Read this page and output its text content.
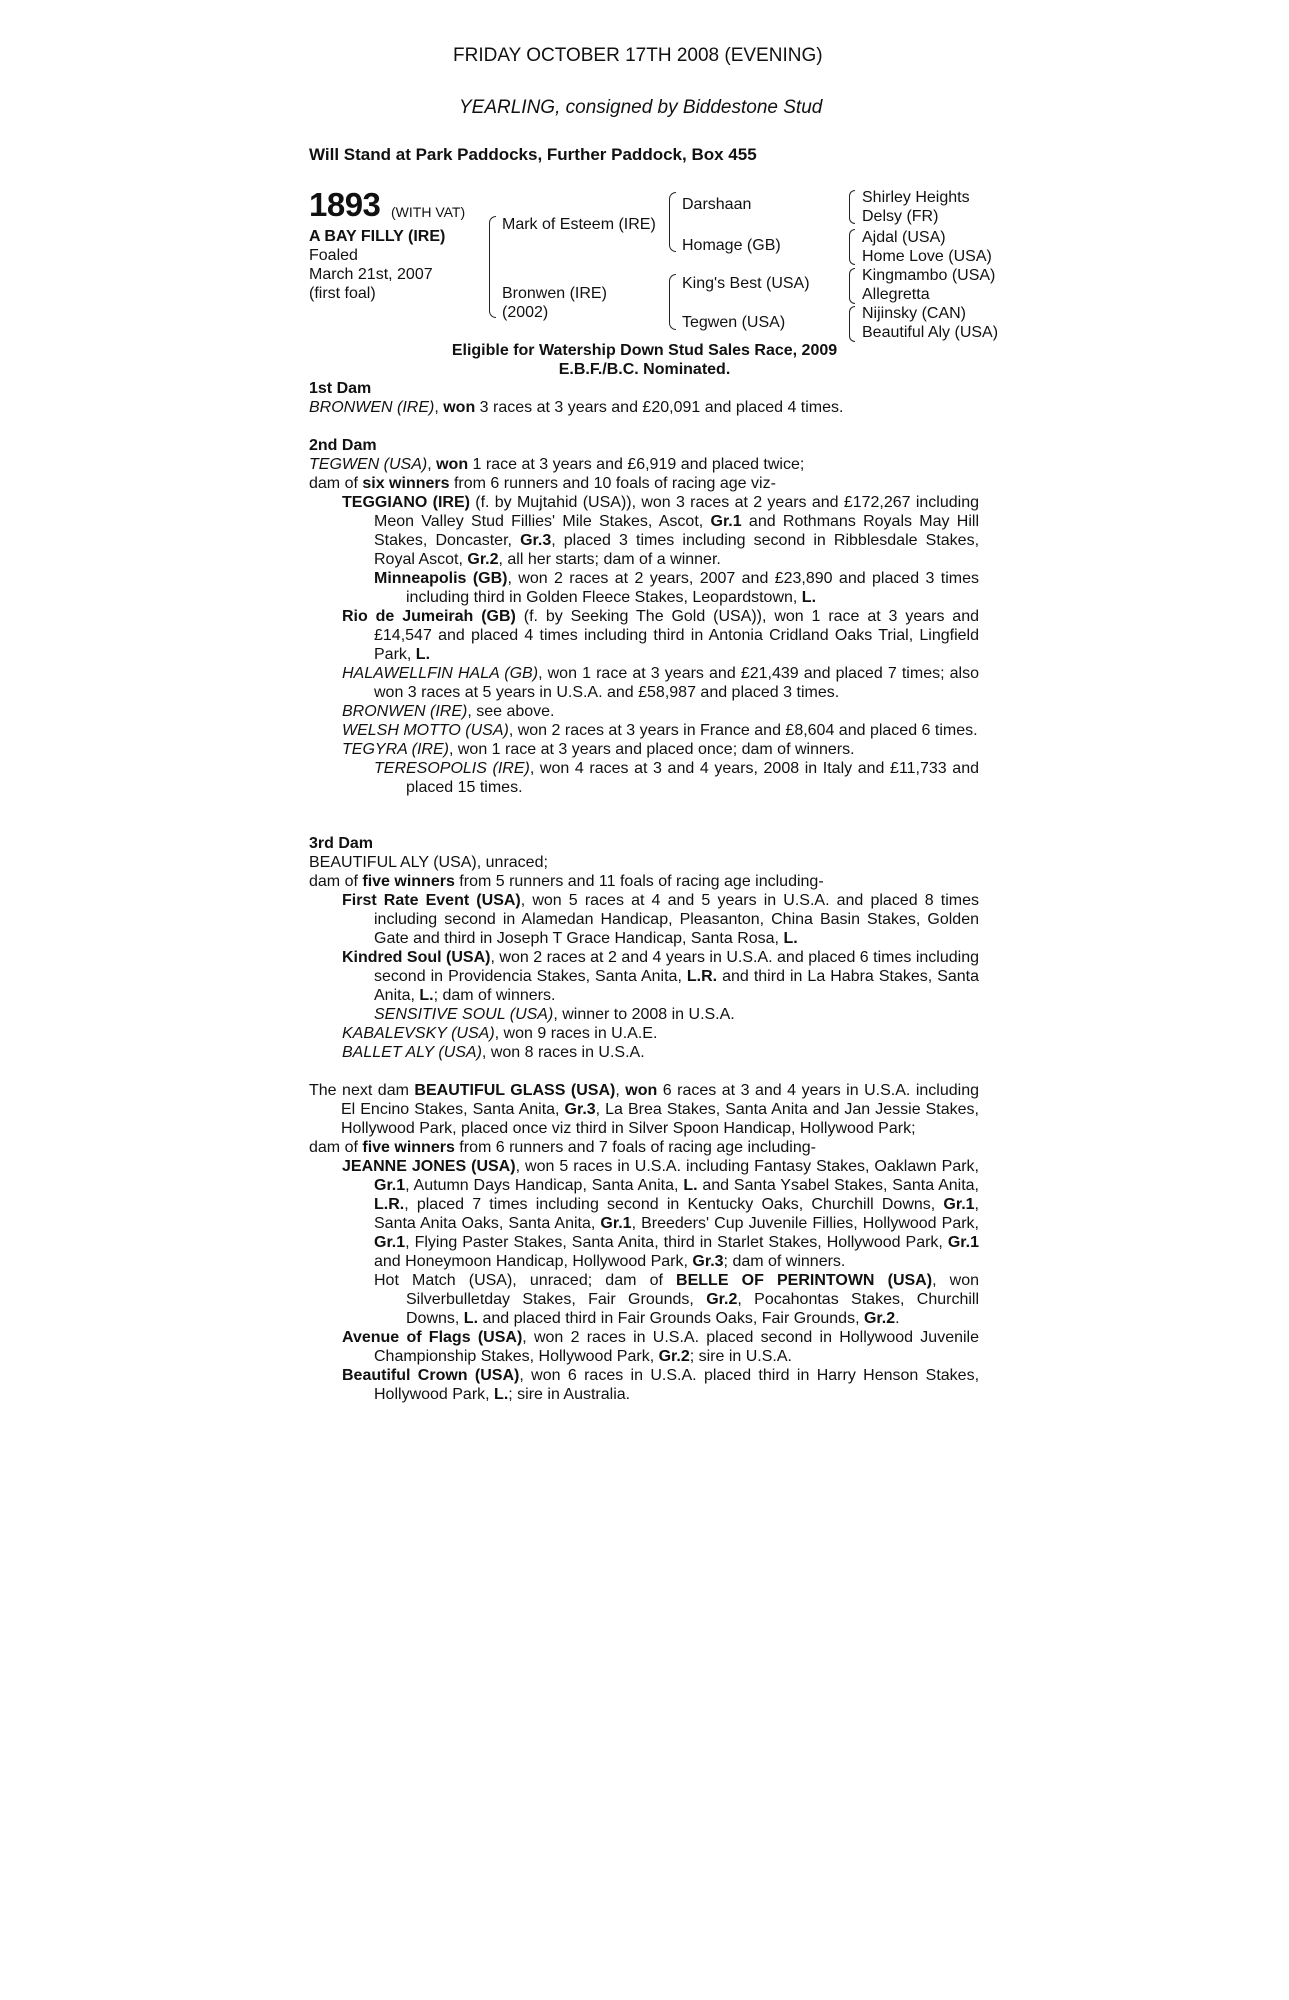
FRIDAY OCTOBER 17TH 2008 (EVENING)
YEARLING, consigned by Biddestone Stud
Will Stand at Park Paddocks, Further Paddock, Box 455
1893 (WITH VAT)
A BAY FILLY (IRE)
Foaled
March 21st, 2007
(first foal)
Mark of Esteem (IRE)
Bronwen (IRE)
(2002)
Darshaan
Homage (GB)
King's Best (USA)
Tegwen (USA)
Shirley Heights
Delsy (FR)
Ajdal (USA)
Home Love (USA)
Kingmambo (USA)
Allegretta
Nijinsky (CAN)
Beautiful Aly (USA)
Eligible for Watership Down Stud Sales Race, 2009
E.B.F./B.C. Nominated.
1st Dam
BRONWEN (IRE), won 3 races at 3 years and £20,091 and placed 4 times.
2nd Dam
TEGWEN (USA), won 1 race at 3 years and £6,919 and placed twice;
dam of six winners from 6 runners and 10 foals of racing age viz-
TEGGIANO (IRE) (f. by Mujtahid (USA)), won 3 races at 2 years and £172,267 including Meon Valley Stud Fillies' Mile Stakes, Ascot, Gr.1 and Rothmans Royals May Hill Stakes, Doncaster, Gr.3, placed 3 times including second in Ribblesdale Stakes, Royal Ascot, Gr.2, all her starts; dam of a winner.
Minneapolis (GB), won 2 races at 2 years, 2007 and £23,890 and placed 3 times including third in Golden Fleece Stakes, Leopardstown, L.
Rio de Jumeirah (GB) (f. by Seeking The Gold (USA)), won 1 race at 3 years and £14,547 and placed 4 times including third in Antonia Cridland Oaks Trial, Lingfield Park, L.
HALAWELLFIN HALA (GB), won 1 race at 3 years and £21,439 and placed 7 times; also won 3 races at 5 years in U.S.A. and £58,987 and placed 3 times.
BRONWEN (IRE), see above.
WELSH MOTTO (USA), won 2 races at 3 years in France and £8,604 and placed 6 times.
TEGYRA (IRE), won 1 race at 3 years and placed once; dam of winners.
TERESOPOLIS (IRE), won 4 races at 3 and 4 years, 2008 in Italy and £11,733 and placed 15 times.
3rd Dam
BEAUTIFUL ALY (USA), unraced;
dam of five winners from 5 runners and 11 foals of racing age including-
First Rate Event (USA), won 5 races at 4 and 5 years in U.S.A. and placed 8 times including second in Alamedan Handicap, Pleasanton, China Basin Stakes, Golden Gate and third in Joseph T Grace Handicap, Santa Rosa, L.
Kindred Soul (USA), won 2 races at 2 and 4 years in U.S.A. and placed 6 times including second in Providencia Stakes, Santa Anita, L.R. and third in La Habra Stakes, Santa Anita, L.; dam of winners.
SENSITIVE SOUL (USA), winner to 2008 in U.S.A.
KABALEVSKY (USA), won 9 races in U.A.E.
BALLET ALY (USA), won 8 races in U.S.A.
The next dam BEAUTIFUL GLASS (USA), won 6 races at 3 and 4 years in U.S.A. including El Encino Stakes, Santa Anita, Gr.3, La Brea Stakes, Santa Anita and Jan Jessie Stakes, Hollywood Park, placed once viz third in Silver Spoon Handicap, Hollywood Park;
dam of five winners from 6 runners and 7 foals of racing age including-
JEANNE JONES (USA), won 5 races in U.S.A. including Fantasy Stakes, Oaklawn Park, Gr.1, Autumn Days Handicap, Santa Anita, L. and Santa Ysabel Stakes, Santa Anita, L.R., placed 7 times including second in Kentucky Oaks, Churchill Downs, Gr.1, Santa Anita Oaks, Santa Anita, Gr.1, Breeders' Cup Juvenile Fillies, Hollywood Park, Gr.1, Flying Paster Stakes, Santa Anita, third in Starlet Stakes, Hollywood Park, Gr.1 and Honeymoon Handicap, Hollywood Park, Gr.3; dam of winners.
Hot Match (USA), unraced; dam of BELLE OF PERINTOWN (USA), won Silverbulletday Stakes, Fair Grounds, Gr.2, Pocahontas Stakes, Churchill Downs, L. and placed third in Fair Grounds Oaks, Fair Grounds, Gr.2.
Avenue of Flags (USA), won 2 races in U.S.A. placed second in Hollywood Juvenile Championship Stakes, Hollywood Park, Gr.2; sire in U.S.A.
Beautiful Crown (USA), won 6 races in U.S.A. placed third in Harry Henson Stakes, Hollywood Park, L.; sire in Australia.
